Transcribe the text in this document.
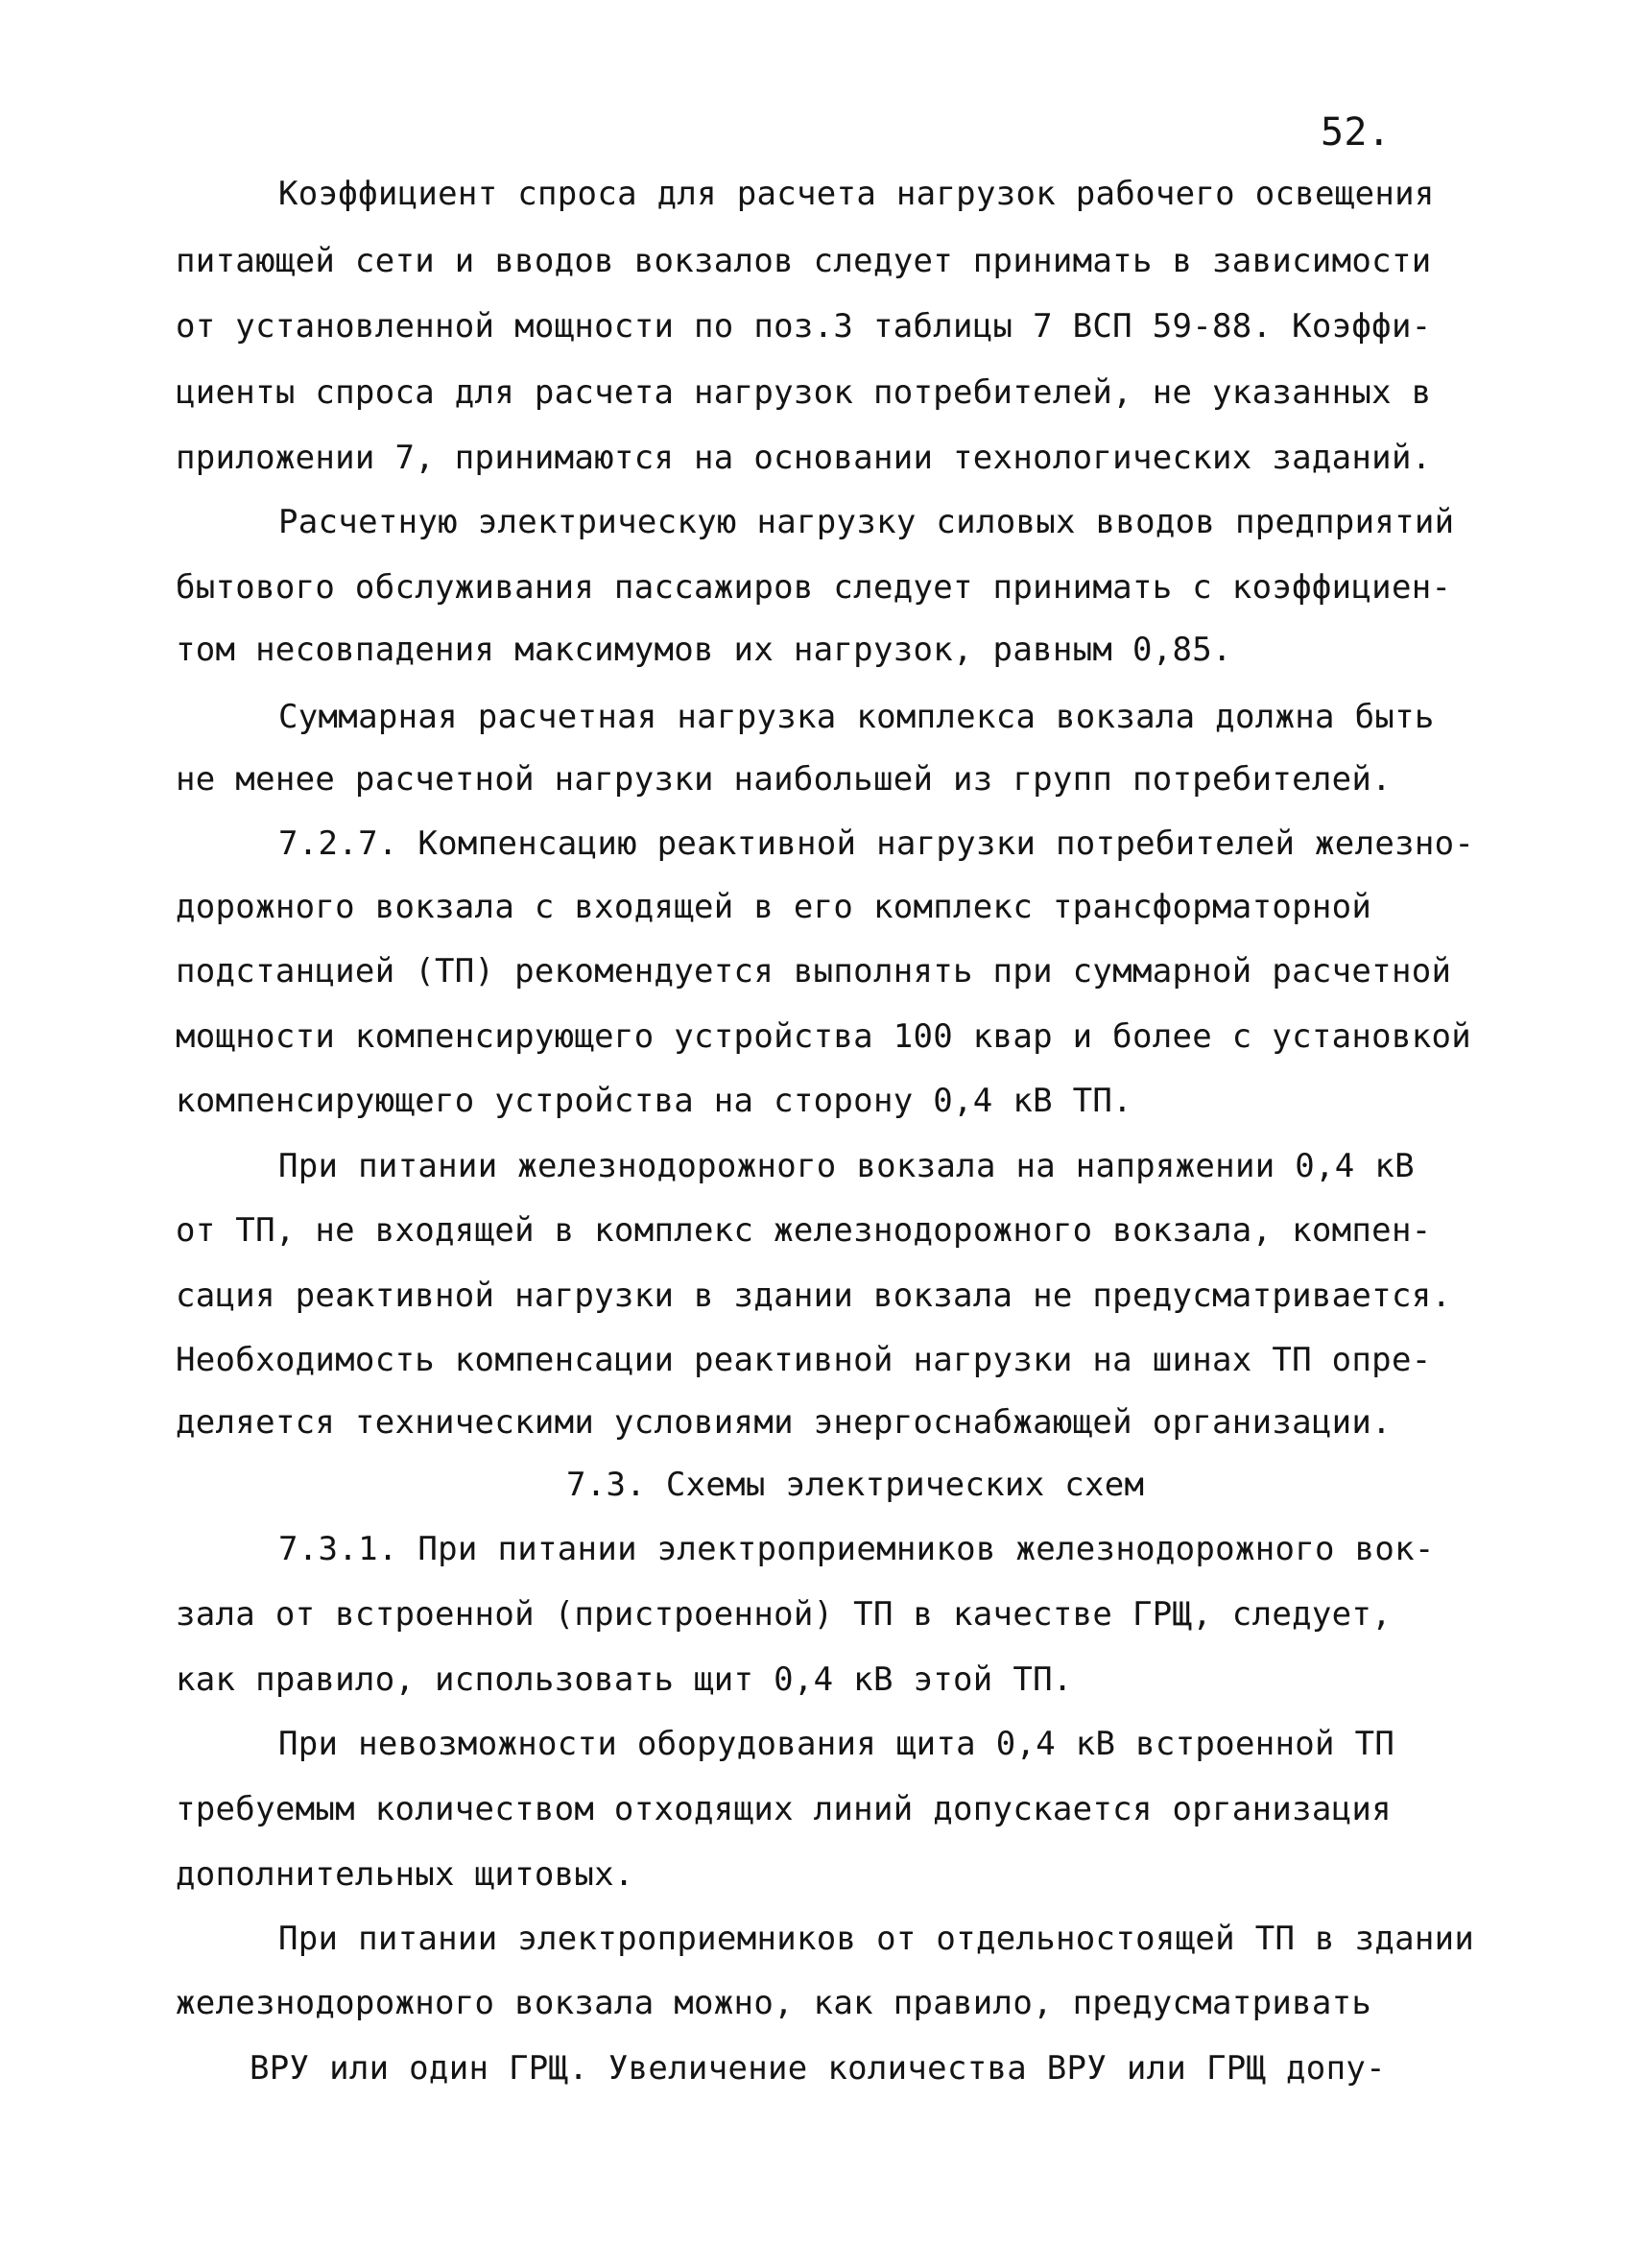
52.
Коэффициент спроса для расчета нагрузок рабочего освещения
питающей сети и вводов вокзалов следует принимать в зависимости
от установленной мощности по поз.3 таблицы 7 ВСП 59-88. Коэффи-
циенты спроса для расчета нагрузок потребителей, не указанных в
приложении 7, принимаются на основании технологических заданий.
Расчетную электрическую нагрузку силовых вводов предприятий
бытового обслуживания пассажиров следует принимать с коэффициен-
том несовпадения максимумов их нагрузок, равным 0,85.
Суммарная расчетная нагрузка комплекса вокзала должна быть
не менее расчетной нагрузки наибольшей из групп потребителей.
7.2.7. Компенсацию реактивной нагрузки потребителей железно-
дорожного вокзала с входящей в его комплекс трансформаторной
подстанцией (ТП) рекомендуется выполнять при суммарной расчетной
мощности компенсирующего устройства 100 квар и более с установкой
компенсирующего устройства на сторону 0,4 кВ ТП.
При питании железнодорожного вокзала на напряжении 0,4 кВ
от ТП, не входящей в комплекс железнодорожного вокзала, компен-
сация реактивной нагрузки в здании вокзала не предусматривается.
Необходимость компенсации реактивной нагрузки на шинах ТП опре-
деляется техническими условиями энергоснабжающей организации.
7.3. Схемы электрических схем
7.3.1. При питании электроприемников железнодорожного вок-
зала от встроенной (пристроенной) ТП в качестве ГРЩ, следует,
как правило, использовать щит 0,4 кВ этой ТП.
При невозможности оборудования щита 0,4 кВ встроенной ТП
требуемым количеством отходящих линий допускается организация
дополнительных щитовых.
При питании электроприемников от отдельностоящей ТП в здании
железнодорожного вокзала можно, как правило, предусматривать
ВРУ или один ГРЩ. Увеличение количества ВРУ или ГРЩ допу-
